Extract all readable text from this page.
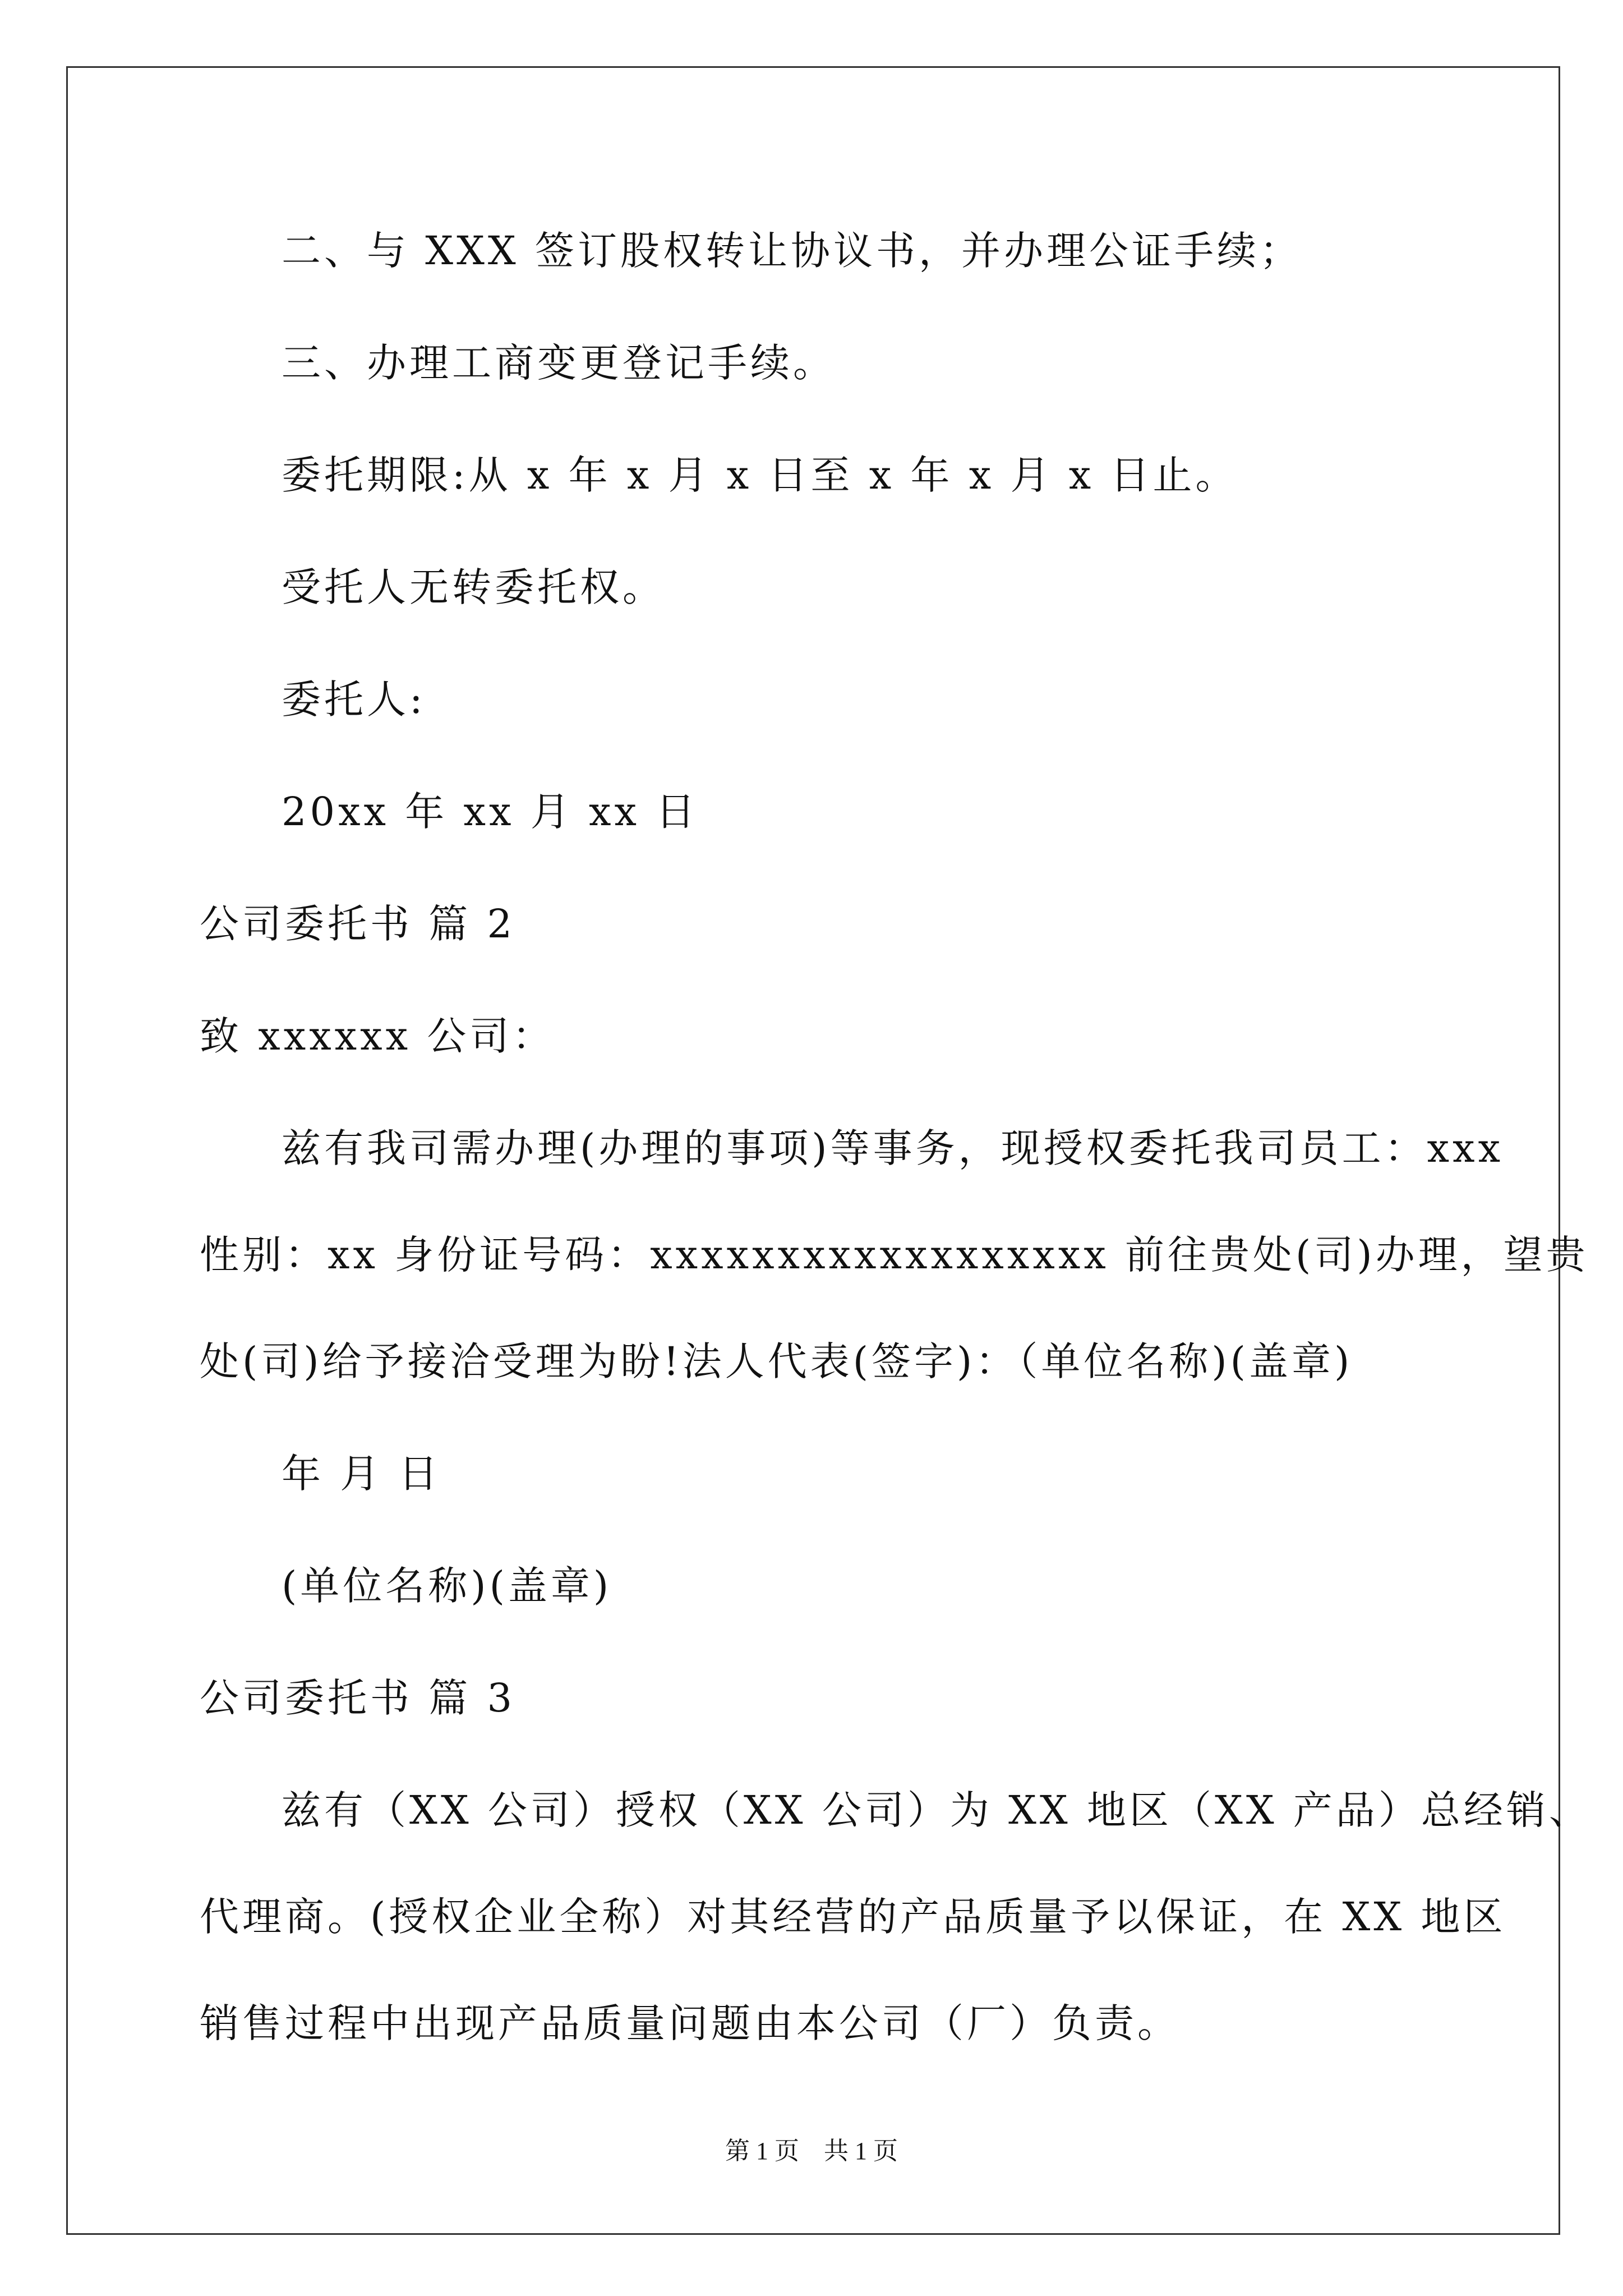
二、与 XXX 签订股权转让协议书，并办理公证手续；
三、办理工商变更登记手续。
委托期限:从 x 年 x 月 x 日至 x 年 x 月 x 日止。
受托人无转委托权。
委托人:
20xx 年 xx 月 xx 日
公司委托书 篇 2
致 xxxxxx 公司：
兹有我司需办理(办理的事项)等事务，现授权委托我司员工：xxx
性别：xx 身份证号码：xxxxxxxxxxxxxxxxxx 前往贵处(司)办理，望贵
处(司)给予接洽受理为盼!法人代表(签字)：（单位名称)(盖章)
年 月 日
(单位名称)(盖章)
公司委托书 篇 3
兹有（XX 公司）授权（XX 公司）为 XX 地区（XX 产品）总经销、
代理商。(授权企业全称）对其经营的产品质量予以保证，在 XX 地区
销售过程中出现产品质量问题由本公司（厂）负责。
第 1 页　共 1 页
